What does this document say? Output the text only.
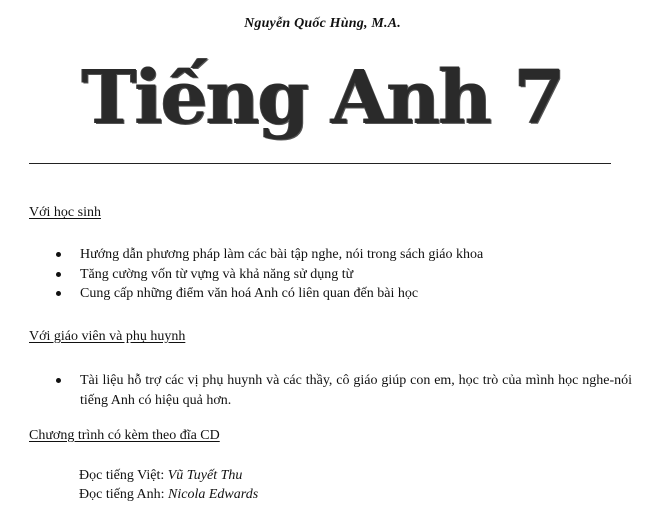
Nguyễn Quốc Hùng, M.A.
Tiếng Anh 7
Với học sinh
Hướng dẫn phương pháp làm các bài tập nghe, nói trong sách giáo khoa
Tăng cường vốn từ vựng và khả năng sử dụng từ
Cung cấp những điểm văn hoá Anh có liên quan đến bài học
Với giáo viên và phụ huynh
Tài liệu hỗ trợ các vị phụ huynh và các thầy, cô giáo giúp con em, học trò của mình học nghe-nói tiếng Anh có hiệu quả hơn.
Chương trình có kèm theo đĩa CD
Đọc tiếng Việt: Vũ Tuyết Thu
Đọc tiếng Anh: Nicola Edwards
